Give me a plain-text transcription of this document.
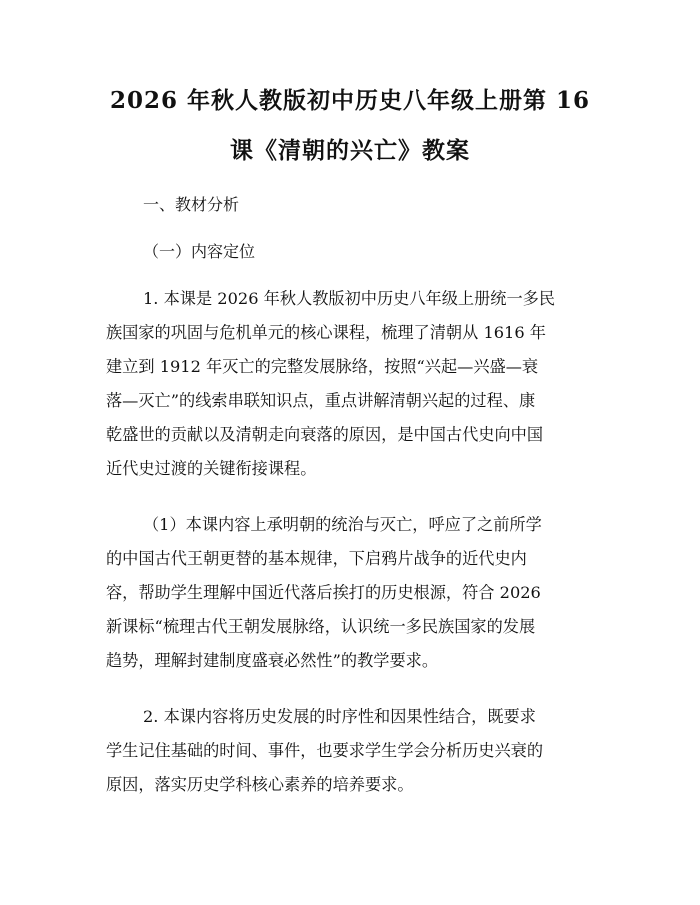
2026 年秋人教版初中历史八年级上册第 16
课《清朝的兴亡》教案
一、教材分析
（一）内容定位
1. 本课是 2026 年秋人教版初中历史八年级上册统一多民
族国家的巩固与危机单元的核心课程，梳理了清朝从 1616 年
建立到 1912 年灭亡的完整发展脉络，按照“兴起—兴盛—衰
落—灭亡”的线索串联知识点，重点讲解清朝兴起的过程、康
乾盛世的贡献以及清朝走向衰落的原因，是中国古代史向中国
近代史过渡的关键衔接课程。
（1）本课内容上承明朝的统治与灭亡，呼应了之前所学
的中国古代王朝更替的基本规律，下启鸦片战争的近代史内
容，帮助学生理解中国近代落后挨打的历史根源，符合 2026
新课标“梳理古代王朝发展脉络，认识统一多民族国家的发展
趋势，理解封建制度盛衰必然性”的教学要求。
2. 本课内容将历史发展的时序性和因果性结合，既要求
学生记住基础的时间、事件，也要求学生学会分析历史兴衰的
原因，落实历史学科核心素养的培养要求。
